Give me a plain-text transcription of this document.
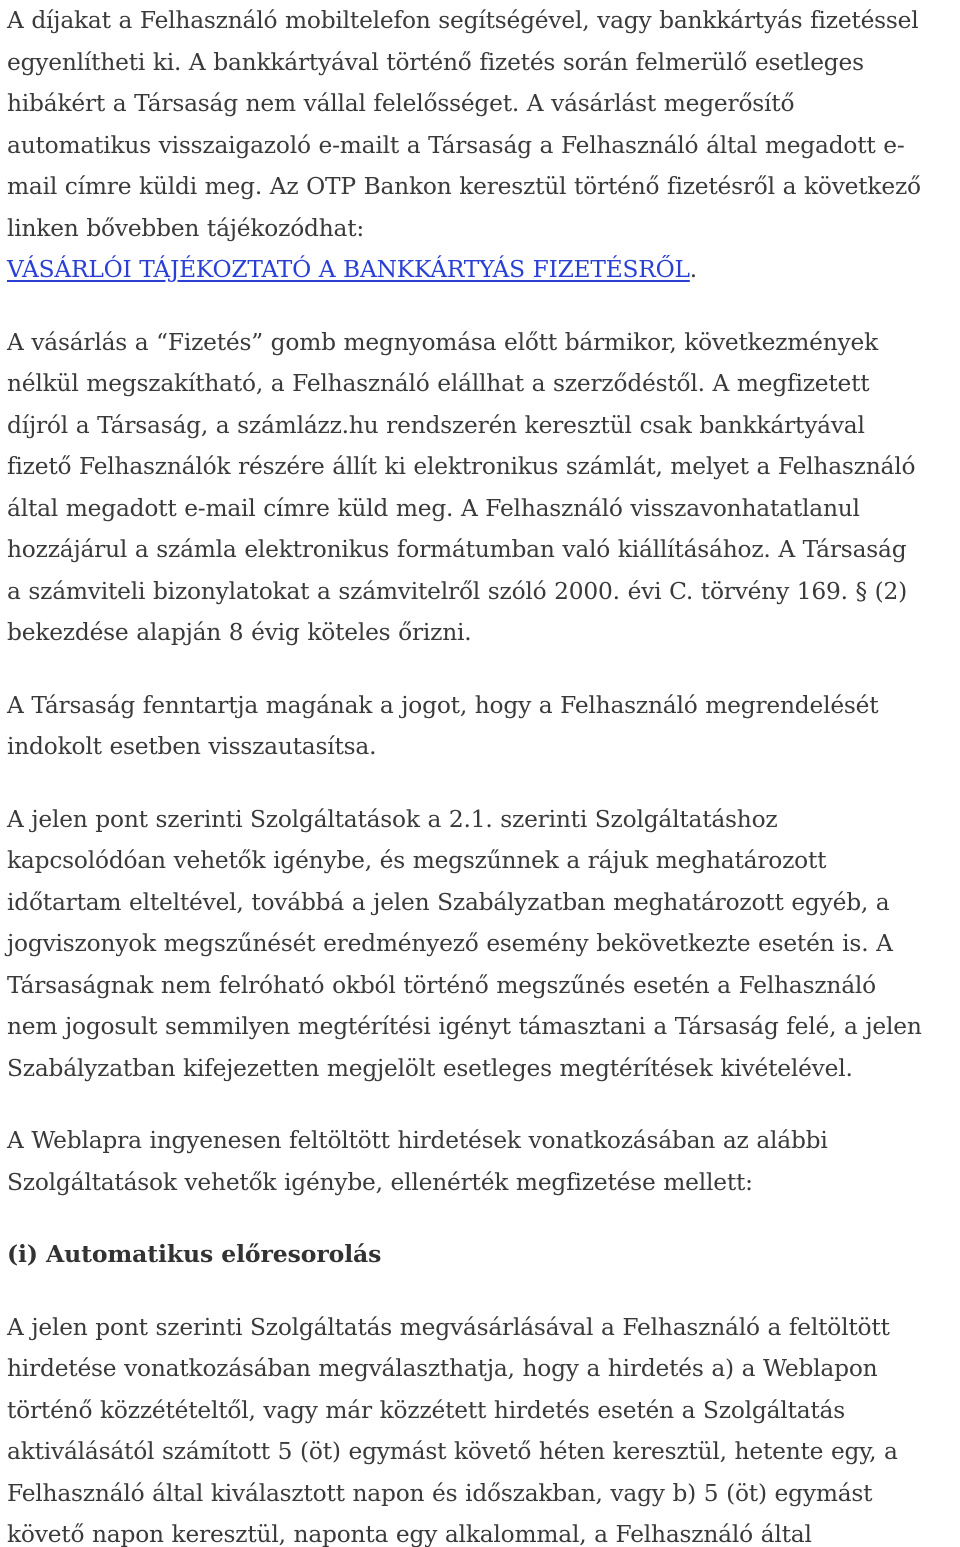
A díjakat a Felhasználó mobiltelefon segítségével, vagy bankkártyás fizetéssel
egyenlítheti ki. A bankkártyával történő fizetés során felmerülő esetleges
hibákért a Társaság nem vállal felelősséget. A vásárlást megerősítő
automatikus visszaigazoló e-mailt a Társaság a Felhasználó által megadott e-
mail címre küldi meg. Az OTP Bankon keresztül történő fizetésről a következő
linken bővebben tájékozódhat:
VÁSÁRLÓI TÁJÉKOZTATÓ A BANKKÁRTYÁS FIZETÉSRŐL.
A vásárlás a “Fizetés” gomb megnyomása előtt bármikor, következmények
nélkül megszakítható, a Felhasználó elállhat a szerződéstől. A megfizetett
díjról a Társaság, a számlázz.hu rendszerén keresztül csak bankkártyával
fizető Felhasználók részére állít ki elektronikus számlát, melyet a Felhasználó
által megadott e-mail címre küld meg. A Felhasználó visszavonhatatlanul
hozzájárul a számla elektronikus formátumban való kiállításához. A Társaság
a számviteli bizonylatokat a számvitelről szóló 2000. évi C. törvény 169. § (2)
bekezdése alapján 8 évig köteles őrizni.
A Társaság fenntartja magának a jogot, hogy a Felhasználó megrendelését
indokolt esetben visszautasítsa.
A jelen pont szerinti Szolgáltatások a 2.1. szerinti Szolgáltatáshoz
kapcsolódóan vehetők igénybe, és megszűnnek a rájuk meghatározott
időtartam elteltével, továbbá a jelen Szabályzatban meghatározott egyéb, a
jogviszonyok megszűnését eredményező esemény bekövetkezte esetén is. A
Társaságnak nem felróható okból történő megszűnés esetén a Felhasználó
nem jogosult semmilyen megtérítési igényt támasztani a Társaság felé, a jelen
Szabályzatban kifejezetten megjelölt esetleges megtérítések kivételével.
A Weblapra ingyenesen feltöltött hirdetések vonatkozásában az alábbi
Szolgáltatások vehetők igénybe, ellenérték megfizetése mellett:
(i) Automatikus előresorolás
A jelen pont szerinti Szolgáltatás megvásárlásával a Felhasználó a feltöltött
hirdetése vonatkozásában megválaszthatja, hogy a hirdetés a) a Weblapon
történő közzétételtől, vagy már közzétett hirdetés esetén a Szolgáltatás
aktiválásától számított 5 (öt) egymást követő héten keresztül, hetente egy, a
Felhasználó által kiválasztott napon és időszakban, vagy b) 5 (öt) egymást
követő napon keresztül, naponta egy alkalommal, a Felhasználó által
